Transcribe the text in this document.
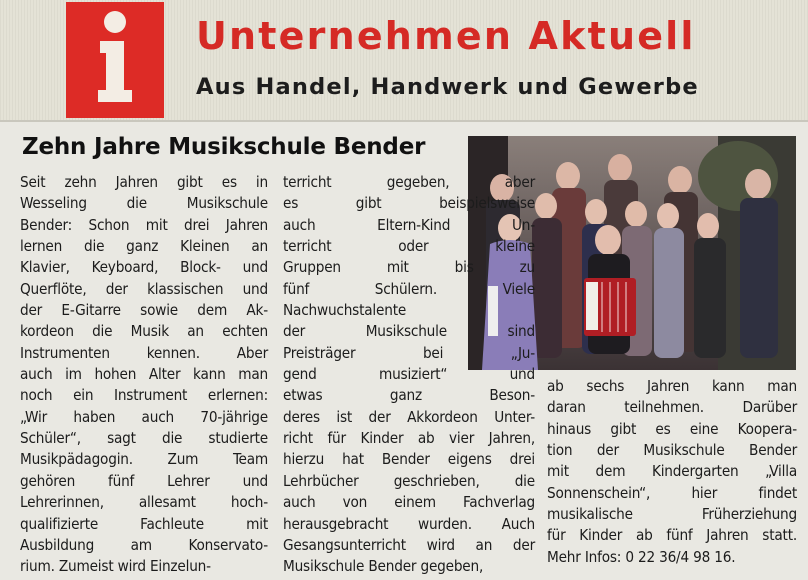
Unternehmen Aktuell
Aus Handel, Handwerk und Gewerbe
Zehn Jahre Musikschule Bender
Seit zehn Jahren gibt es in
Wesseling die Musikschule
Bender: Schon mit drei Jahren
lernen die ganz Kleinen an
Klavier, Keyboard, Block- und
Querflöte, der klassischen und
der E-Gitarre sowie dem Ak-
kordeon die Musik an echten
Instrumenten kennen. Aber
auch im hohen Alter kann man
noch ein Instrument erlernen:
„Wir haben auch 70-jährige
Schüler“, sagt die studierte
Musikpädagogin. Zum Team
gehören fünf Lehrer und
Lehrerinnen, allesamt hoch-
qualifizierte Fachleute mit
Ausbildung am Konservato-
rium. Zumeist wird Einzelun-
terricht gegeben, aber
es gibt beispielsweise
auch Eltern-Kind Un-
terricht oder kleine
Gruppen mit bis zu
fünf Schülern. Viele
Nachwuchstalente
der Musikschule sind
Preisträger bei „Ju-
gend musiziert“ und
etwas ganz Beson-
deres ist der Akkordeon Unter-
richt für Kinder ab vier Jahren,
hierzu hat Bender eigens drei
Lehrbücher geschrieben, die
auch von einem Fachverlag
herausgebracht wurden. Auch
Gesangsunterricht wird an der
Musikschule Bender gegeben,
ab sechs Jahren kann man
daran teilnehmen. Darüber
hinaus gibt es eine Koopera-
tion der Musikschule Bender
mit dem Kindergarten „Villa
Sonnenschein“, hier findet
musikalische Früherziehung
für Kinder ab fünf Jahren statt.
Mehr Infos: 0 22 36/4 98 16.
